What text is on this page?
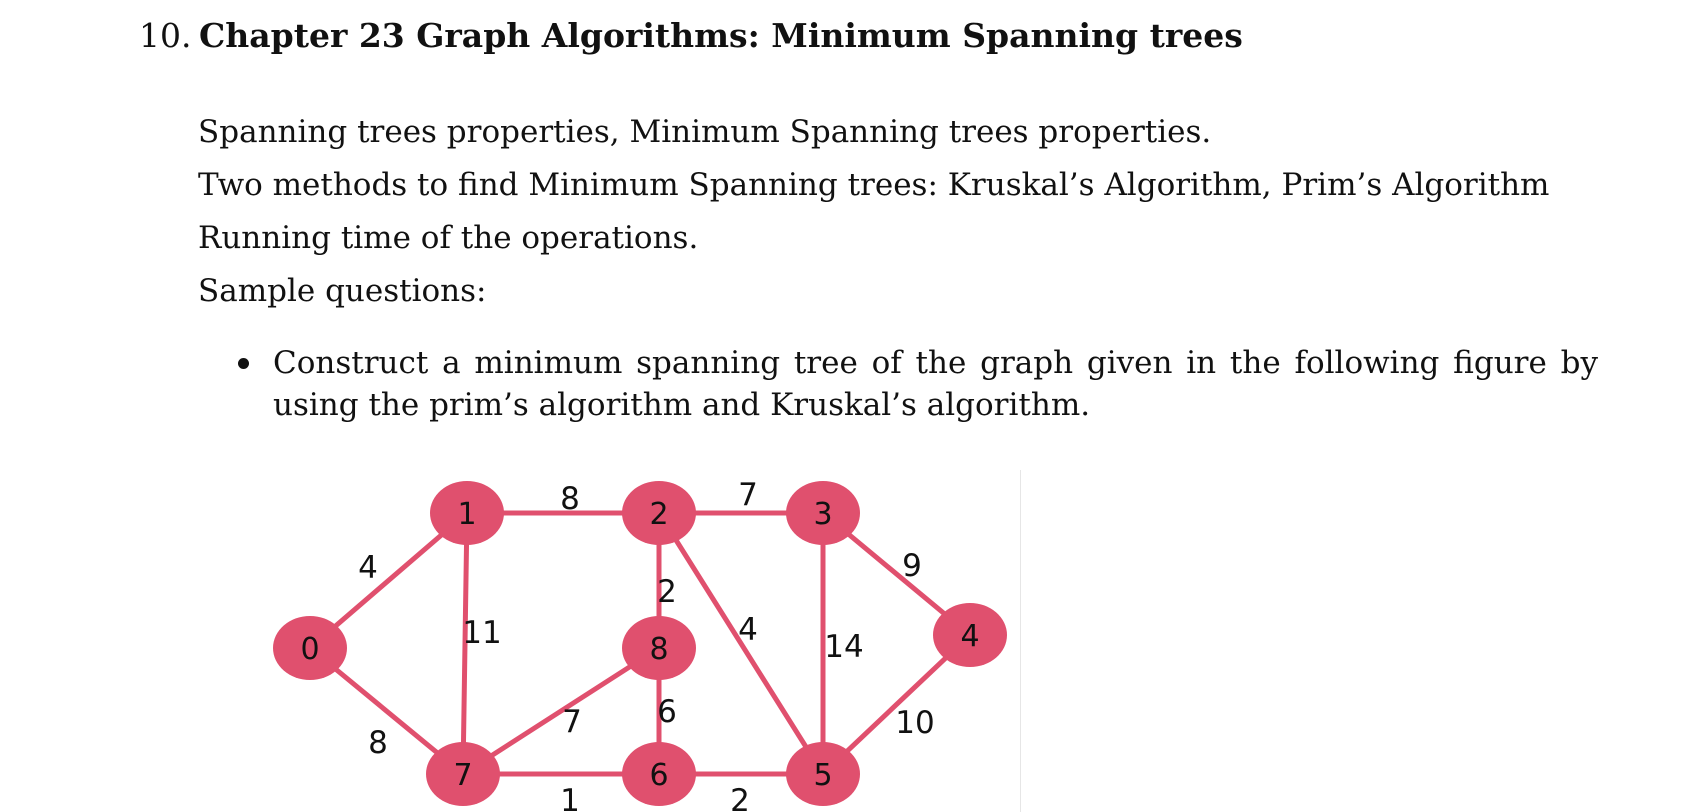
10. Chapter 23 Graph Algorithms: Minimum Spanning trees
Spanning trees properties, Minimum Spanning trees properties.
Two methods to find Minimum Spanning trees: Kruskal’s Algorithm, Prim’s Algorithm
Running time of the operations.
Sample questions:
Construct a minimum spanning tree of the graph given in the following figure by using the prim’s algorithm and Kruskal’s algorithm.
0
1	2	3
4
5
6
7
8
4
8
8
11
7
2
4
9
14
10
2
1
6
7
